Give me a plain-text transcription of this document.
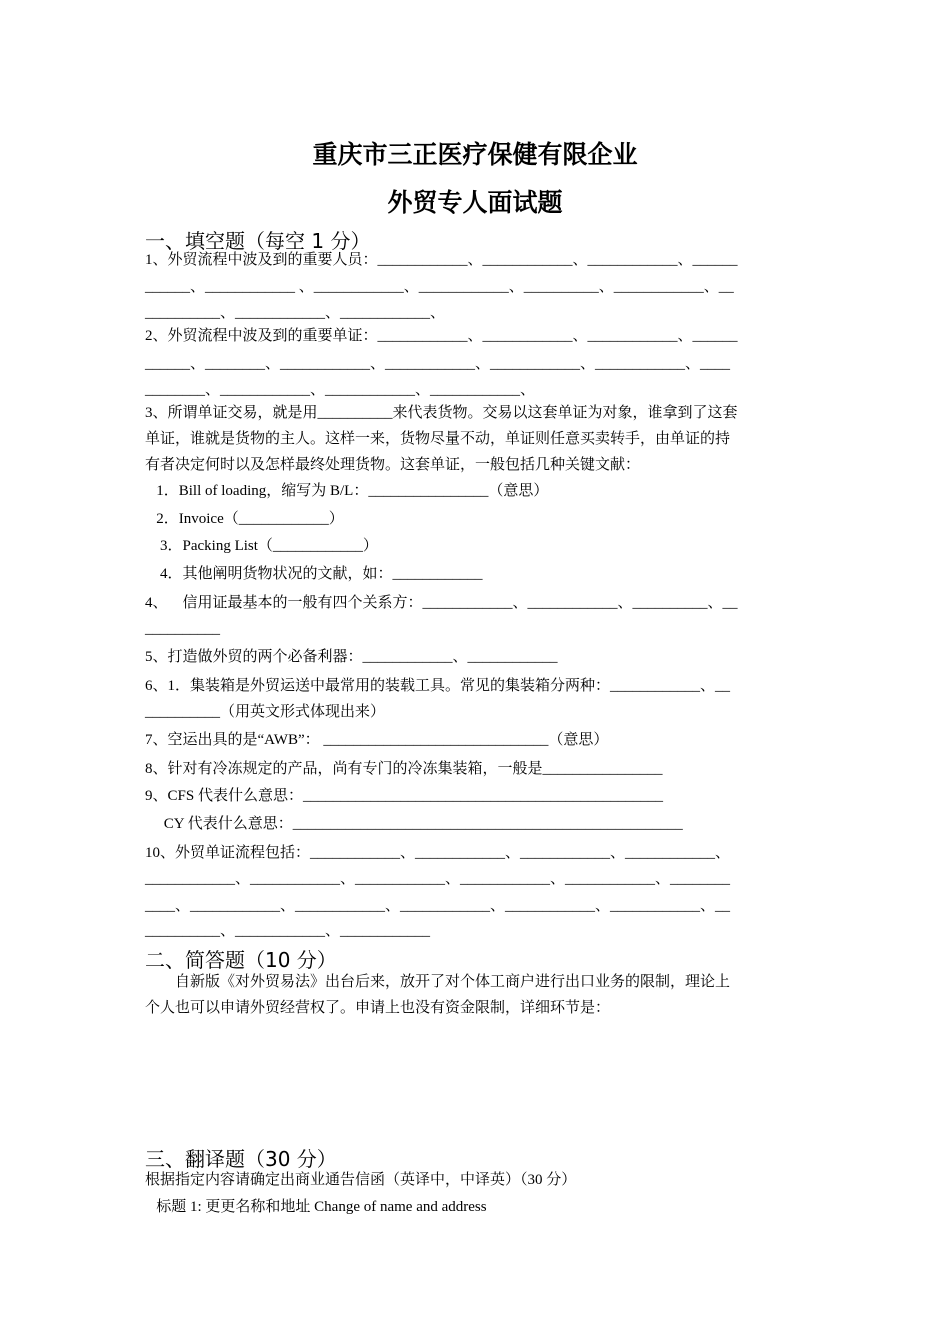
重庆市三正医疗保健有限企业
外贸专人面试题
一、填空题（每空 1 分）
1、外贸流程中波及到的重要人员：____________、____________、____________、______
______、____________ 、____________、____________、__________、____________、__
__________、____________、____________、
2、外贸流程中波及到的重要单证：____________、____________、____________、______
______、________、____________、____________、____________、____________、____
________、____________、____________、____________、
3、所谓单证交易，就是用__________来代表货物。交易以这套单证为对象，谁拿到了这套
单证，谁就是货物的主人。这样一来，货物尽量不动，单证则任意买卖转手，由单证的持
有者决定何时以及怎样最终处理货物。这套单证，一般包括几种关键文献：
1．Bill of loading，缩写为 B/L：________________（意思）
2．Invoice（____________）
3．Packing List（____________）
4．其他阐明货物状况的文献，如：____________
4、    信用证最基本的一般有四个关系方：____________、____________、__________、__
__________
5、打造做外贸的两个必备利器：____________、____________
6、1．集装箱是外贸运送中最常用的装载工具。常见的集装箱分两种：____________、__
__________（用英文形式体现出来）
7、空运出具的是“AWB”： ______________________________（意思）
8、针对有冷冻规定的产品，尚有专门的冷冻集装箱，一般是________________
9、CFS 代表什么意思：________________________________________________
CY 代表什么意思：____________________________________________________
10、外贸单证流程包括：____________、____________、____________、____________、
____________、____________、____________、____________、____________、________
____、____________、____________、____________、____________、____________、__
__________、____________、____________
二、简答题（10 分）
自新版《对外贸易法》出台后来，放开了对个体工商户进行出口业务的限制，理论上
个人也可以申请外贸经营权了。申请上也没有资金限制，详细环节是：
三、翻译题（30 分）
根据指定内容请确定出商业通告信函（英译中，中译英）（30 分）
标题 1: 更更名称和地址 Change of name and address
